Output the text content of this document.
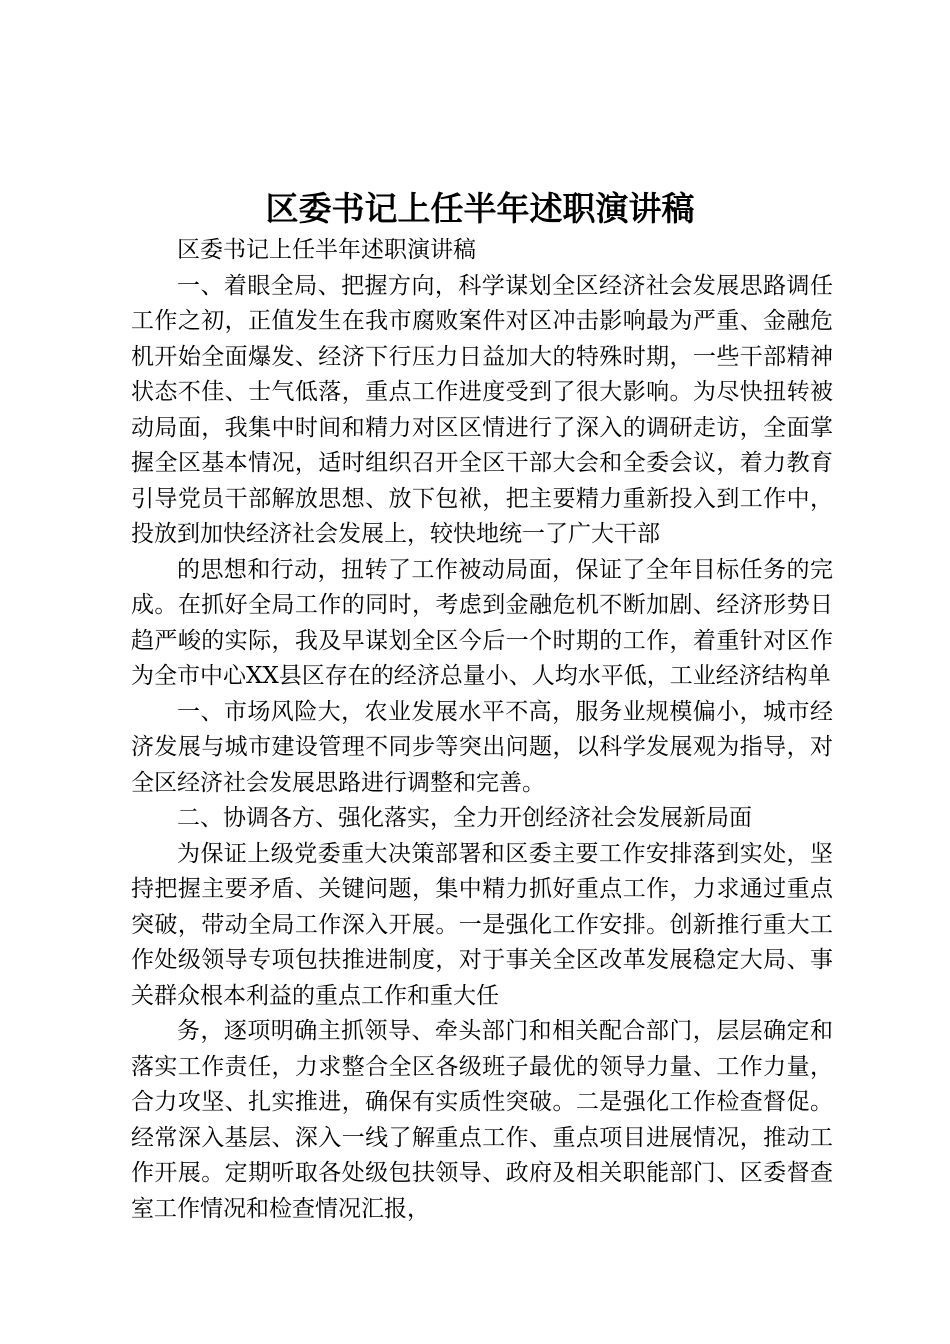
区委书记上任半年述职演讲稿

区委书记上任半年述职演讲稿

一、着眼全局、把握方向，科学谋划全区经济社会发展思路调任工作之初，正值发生在我市腐败案件对区冲击影响最为严重、金融危机开始全面爆发、经济下行压力日益加大的特殊时期，一些干部精神状态不佳、士气低落，重点工作进度受到了很大影响。为尽快扭转被动局面，我集中时间和精力对区区情进行了深入的调研走访，全面掌握全区基本情况，适时组织召开全区干部大会和全委会议，着力教育引导党员干部解放思想、放下包袱，把主要精力重新投入到工作中，投放到加快经济社会发展上，较快地统一了广大干部

的思想和行动，扭转了工作被动局面，保证了全年目标任务的完成。在抓好全局工作的同时，考虑到金融危机不断加剧、经济形势日趋严峻的实际，我及早谋划全区今后一个时期的工作，着重针对区作为全市中心XX县区存在的经济总量小、人均水平低，工业经济结构单

一、市场风险大，农业发展水平不高，服务业规模偏小，城市经济发展与城市建设管理不同步等突出问题，以科学发展观为指导，对全区经济社会发展思路进行调整和完善。

二、协调各方、强化落实，全力开创经济社会发展新局面

为保证上级党委重大决策部署和区委主要工作安排落到实处，坚持把握主要矛盾、关键问题，集中精力抓好重点工作，力求通过重点突破，带动全局工作深入开展。一是强化工作安排。创新推行重大工作处级领导专项包扶推进制度，对于事关全区改革发展稳定大局、事关群众根本利益的重点工作和重大任

务，逐项明确主抓领导、牵头部门和相关配合部门，层层确定和落实工作责任，力求整合全区各级班子最优的领导力量、工作力量，合力攻坚、扎实推进，确保有实质性突破。二是强化工作检查督促。经常深入基层、深入一线了解重点工作、重点项目进展情况，推动工作开展。定期听取各处级包扶领导、政府及相关职能部门、区委督查室工作情况和检查情况汇报，
